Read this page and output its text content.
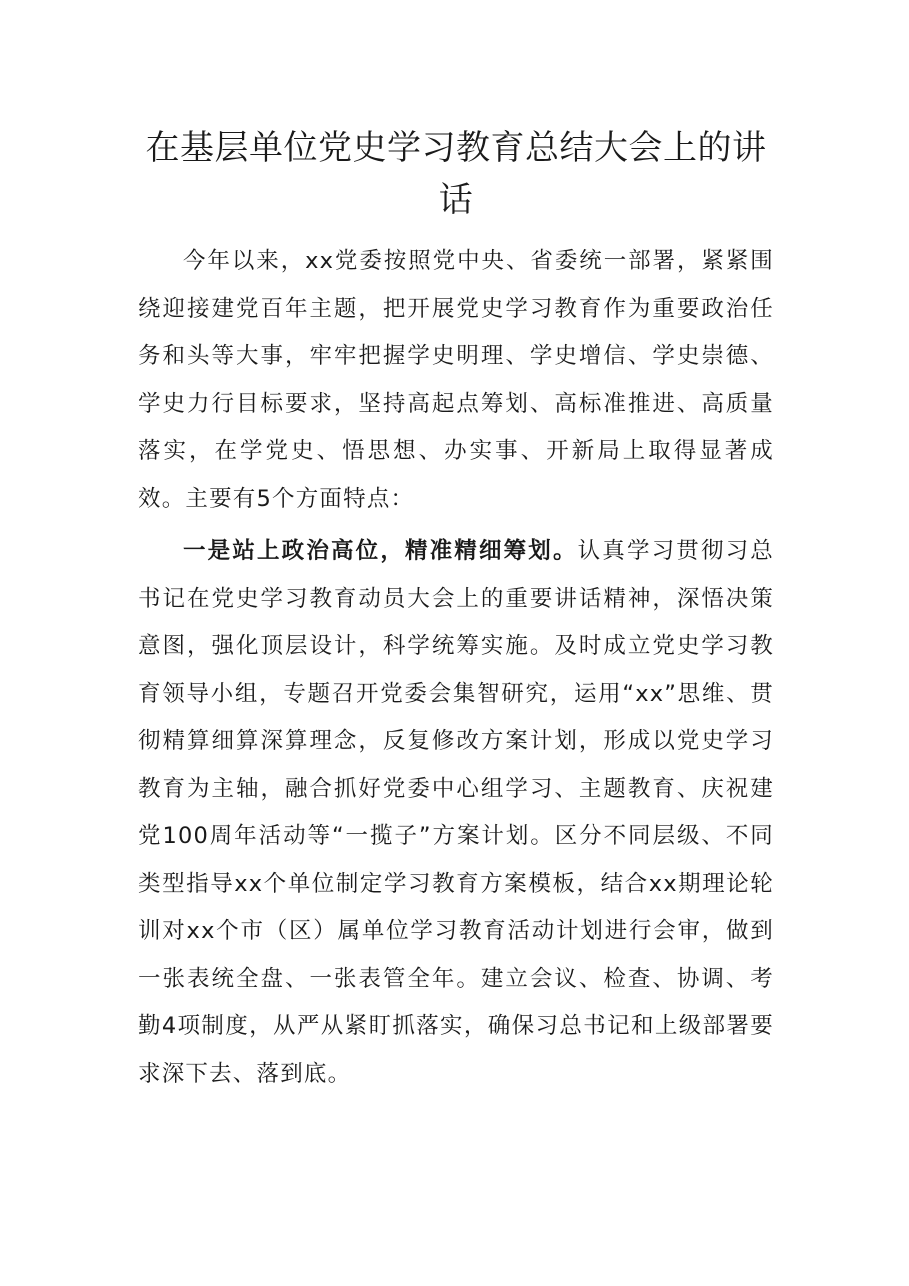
在基层单位党史学习教育总结大会上的讲话

今年以来，xx党委按照党中央、省委统一部署，紧紧围绕迎接建党百年主题，把开展党史学习教育作为重要政治任务和头等大事，牢牢把握学史明理、学史增信、学史崇德、学史力行目标要求，坚持高起点筹划、高标准推进、高质量落实，在学党史、悟思想、办实事、开新局上取得显著成效。主要有5个方面特点：

一是站上政治高位，精准精细筹划。认真学习贯彻习总书记在党史学习教育动员大会上的重要讲话精神，深悟决策意图，强化顶层设计，科学统筹实施。及时成立党史学习教育领导小组，专题召开党委会集智研究，运用“xx”思维、贯彻精算细算深算理念，反复修改方案计划，形成以党史学习教育为主轴，融合抓好党委中心组学习、主题教育、庆祝建党100周年活动等“一揽子”方案计划。区分不同层级、不同类型指导xx个单位制定学习教育方案模板，结合xx期理论轮训对xx个市（区）属单位学习教育活动计划进行会审，做到一张表统全盘、一张表管全年。建立会议、检查、协调、考勤4项制度，从严从紧盯抓落实，确保习总书记和上级部署要求深下去、落到底。
